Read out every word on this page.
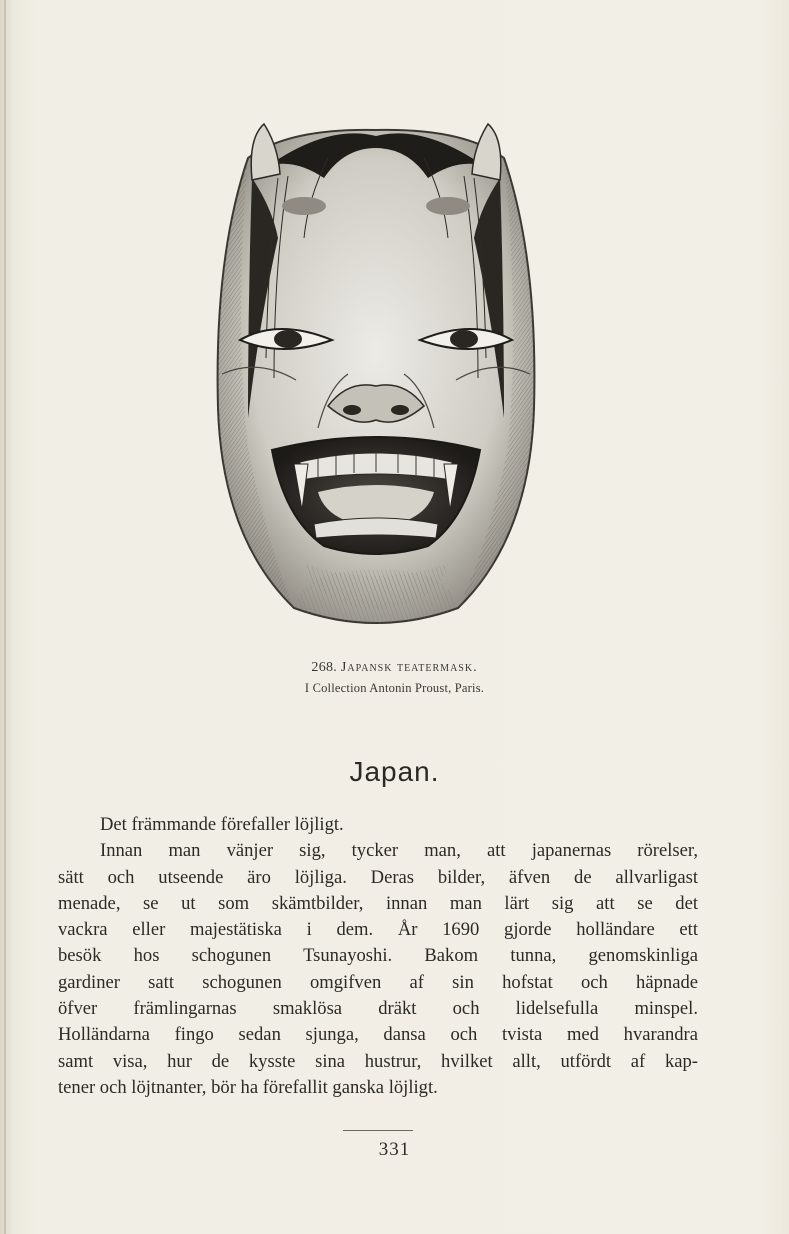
268. Japansk teatermask.
I Collection Antonin Proust, Paris.
Japan.
Det främmande förefaller löjligt.
Innan man vänjer sig, tycker man, att japanernas rörelser,
sätt och utseende äro löjliga. Deras bilder, äfven de allvarligast
menade, se ut som skämtbilder, innan man lärt sig att se det
vackra eller majestätiska i dem. År 1690 gjorde holländare ett
besök hos schogunen Tsunayoshi. Bakom tunna, genomskinliga
gardiner satt schogunen omgifven af sin hofstat och häpnade
öfver främlingarnas smaklösa dräkt och lidelsefulla minspel.
Holländarna fingo sedan sjunga, dansa och tvista med hvarandra
samt visa, hur de kysste sina hustrur, hvilket allt, utfördt af kap-
tener och löjtnanter, bör ha förefallit ganska löjligt.
331
